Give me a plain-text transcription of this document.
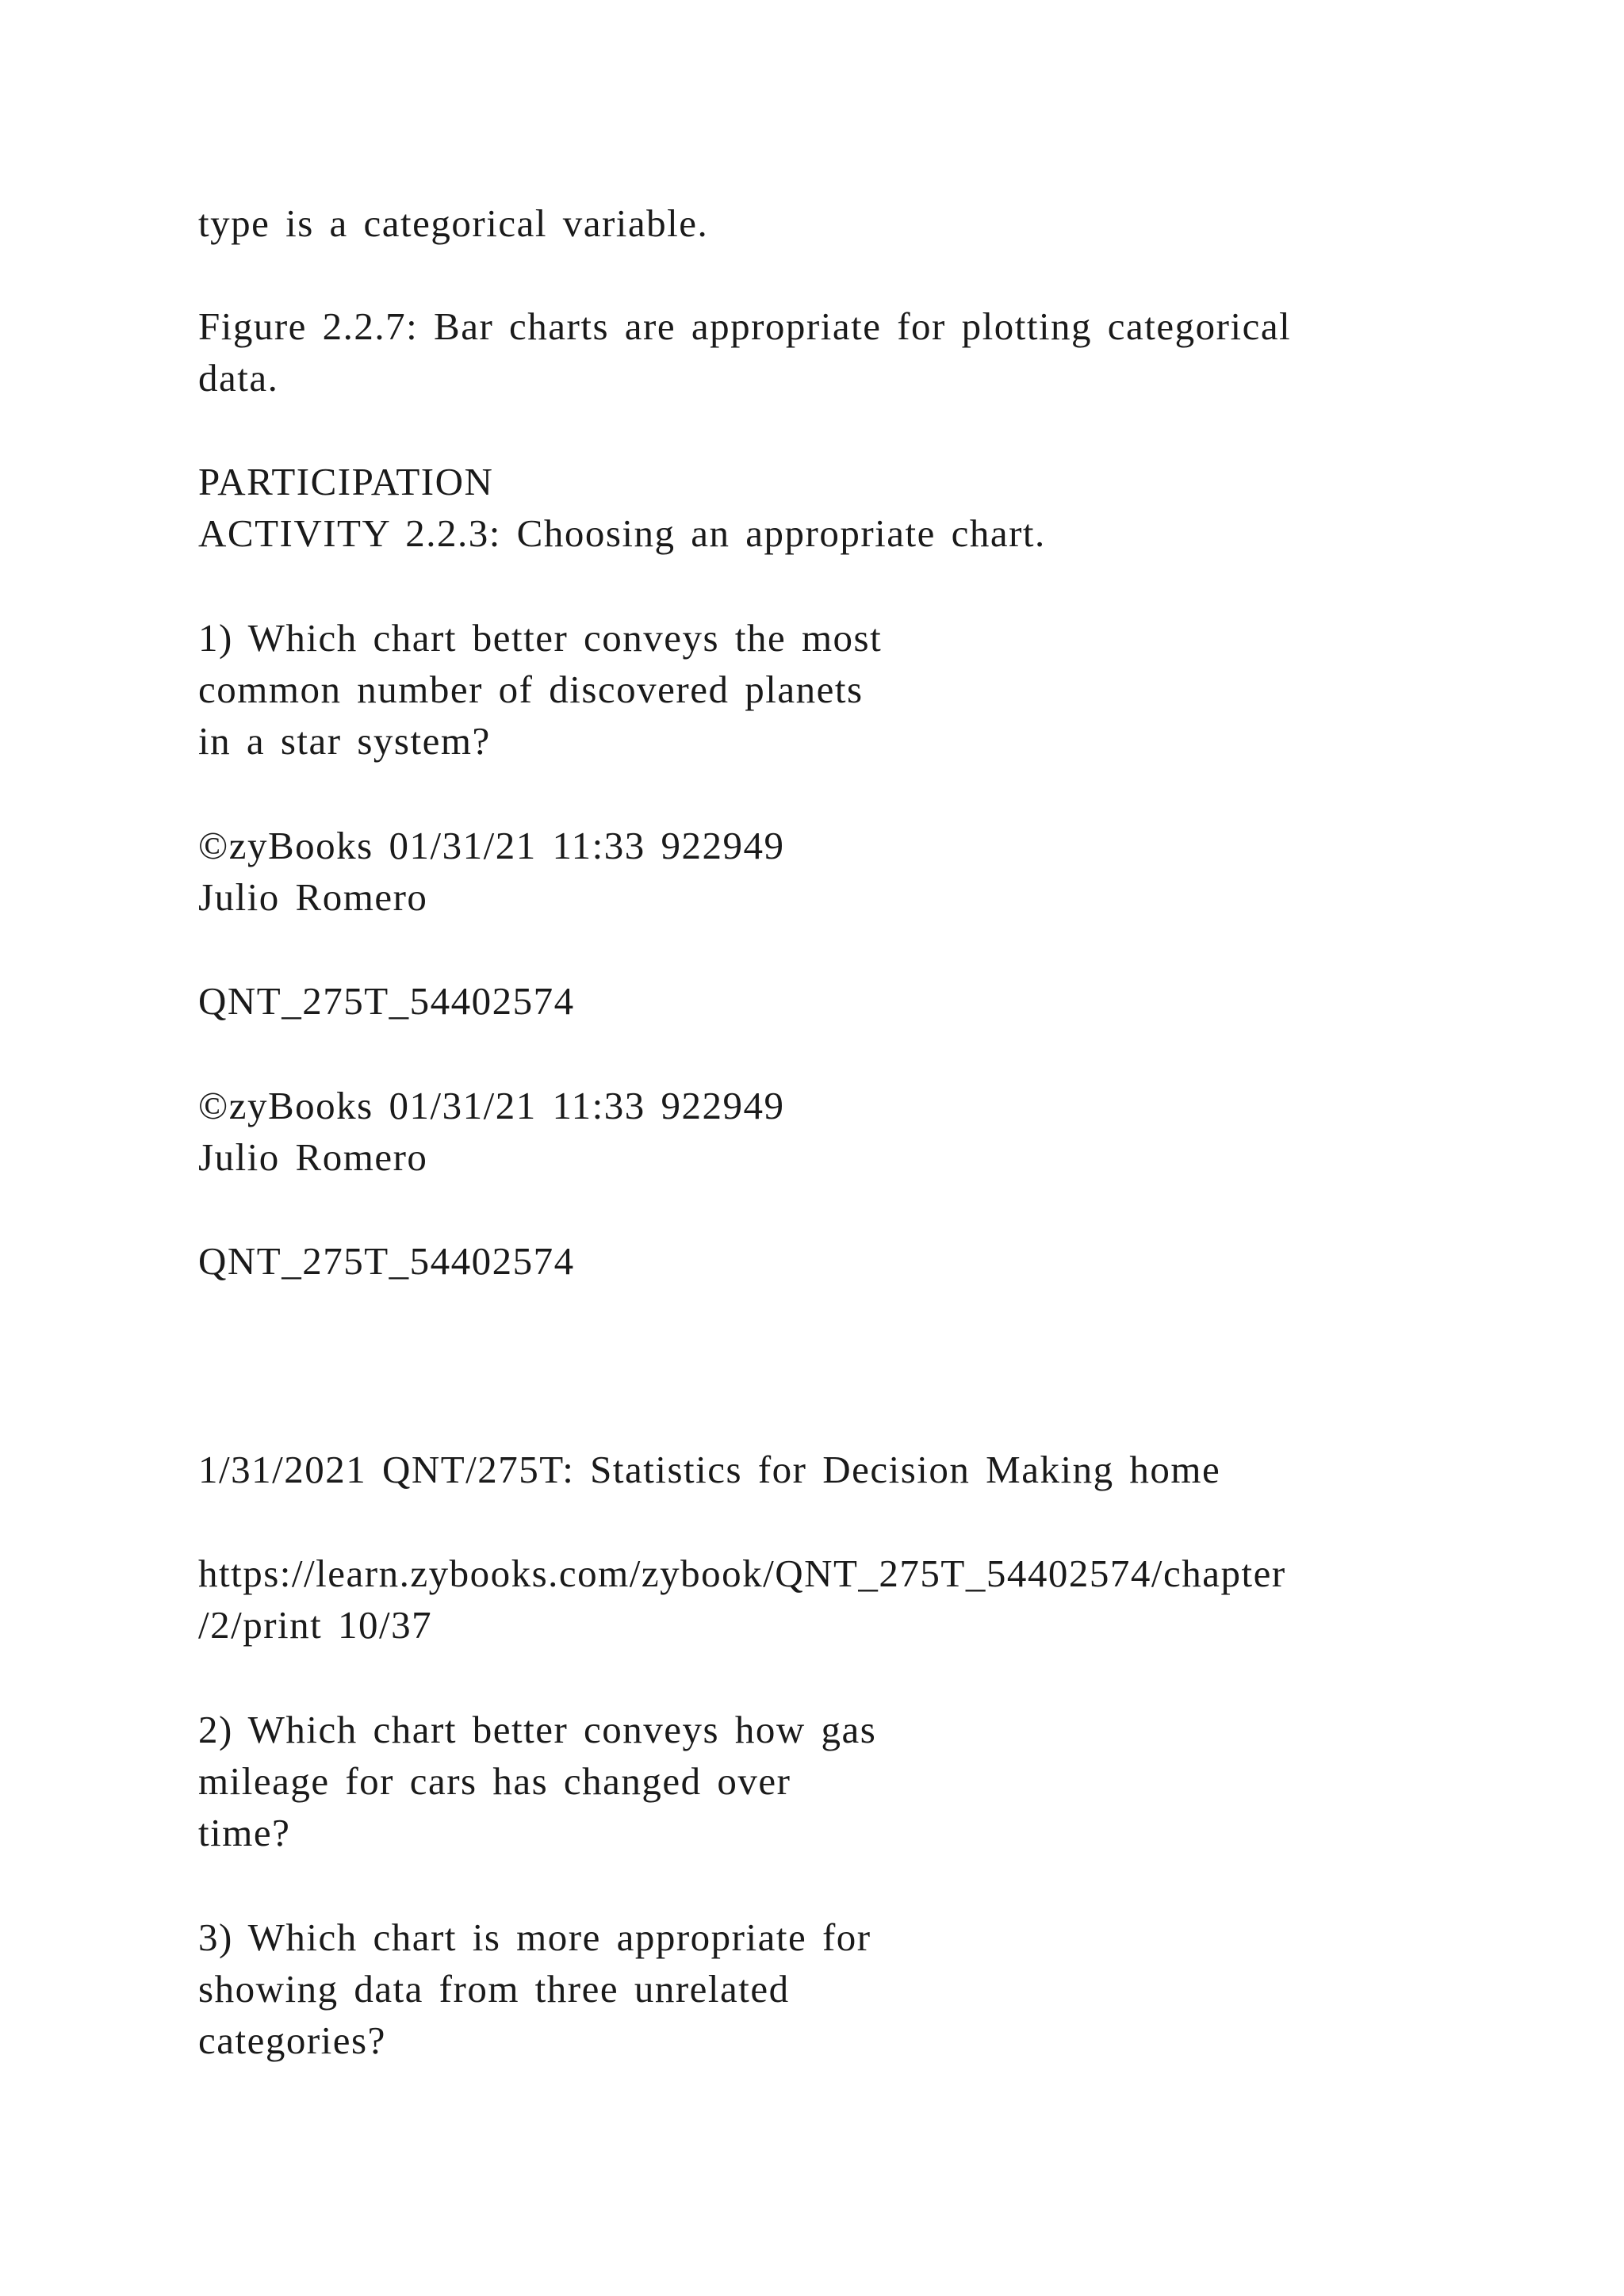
type is a categorical variable.
Figure 2.2.7: Bar charts are appropriate for plotting categorical
data.
PARTICIPATION
ACTIVITY 2.2.3: Choosing an appropriate chart.
1) Which chart better conveys the most
common number of discovered planets
in a star system?
©zyBooks 01/31/21 11:33 922949
Julio Romero
QNT_275T_54402574
©zyBooks 01/31/21 11:33 922949
Julio Romero
QNT_275T_54402574
1/31/2021 QNT/275T: Statistics for Decision Making home
https://learn.zybooks.com/zybook/QNT_275T_54402574/chapter
/2/print 10/37
2) Which chart better conveys how gas
mileage for cars has changed over
time?
3) Which chart is more appropriate for
showing data from three unrelated
categories?
